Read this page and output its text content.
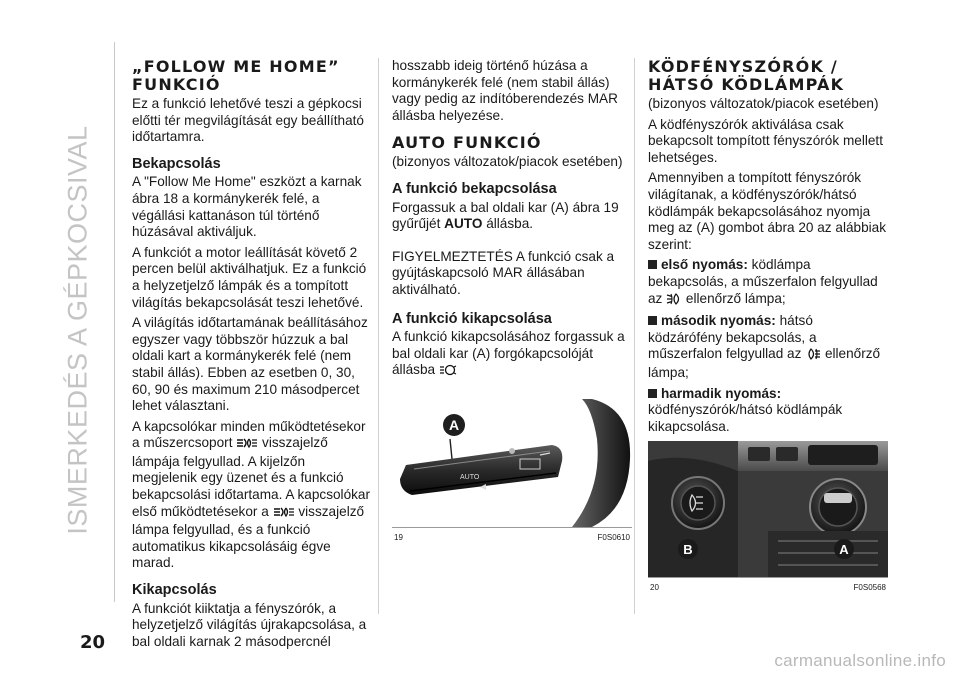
ISMERKEDÉS A GÉPKOCSIVAL
„FOLLOW ME HOME”
FUNKCIÓ

Ez a funkció lehetővé teszi a gépkocsi előtti tér megvilágítását egy beállítható időtartamra.

Bekapcsolás

A "Follow Me Home" eszközt a karnak ábra 18 a kormánykerék felé, a végállási kattanáson túl történő húzásával aktiváljuk.

A funkciót a motor leállítását követő 2 percen belül aktiválhatjuk. Ez a funkció a helyzetjelző lámpák és a tompított világítás bekapcsolását teszi lehetővé.

A világítás időtartamának beállításához egyszer vagy többször húzzuk a bal oldali kart a kormánykerék felé (nem stabil állás). Ebben az esetben 0, 30, 60, 90 és maximum 210 másodpercet lehet választani.

A kapcsolókar minden működtetésekor a műszercsoport visszajelző lámpája felgyullad. A kijelzőn megjelenik egy üzenet és a funkció bekapcsolási időtartama. A kapcsolókar első működtetésekor a visszajelző lámpa felgyullad, és a funkció automatikus kikapcsolásáig égve marad.

Kikapcsolás

A funkciót kiiktatja a fényszórók, a helyzetjelző világítás újrakapcsolása, a bal oldali karnak 2 másodpercnél

hosszabb ideig történő húzása a kormánykerék felé (nem stabil állás) vagy pedig az indítóberendezés MAR állásba helyezése.

AUTO FUNKCIÓ

(bizonyos változatok/piacok esetében)

A funkció bekapcsolása

Forgassuk a bal oldali kar (A) ábra 19 gyűrűjét AUTO állásba.

FIGYELMEZTETÉS A funkció csak a gyújtáskapcsoló MAR állásában aktiválható.

A funkció kikapcsolása

A funkció kikapcsolásához forgassuk a bal oldali kar (A) forgókapcsolóját állásba

AUTO
A
19	F0S0610
KÖDFÉNYSZÓRÓK /
HÁTSÓ KÖDLÁMPÁK

(bizonyos változatok/piacok esetében)

A ködfényszórók aktiválása csak bekapcsolt tompított fényszórók mellett lehetséges.

Amennyiben a tompított fényszórók világítanak, a ködfényszórók/hátsó ködlámpák bekapcsolásához nyomja meg az (A) gombot ábra 20 az alábbiak szerint:

első nyomás: ködlámpa bekapcsolás, a műszerfalon felgyullad az ellenőrző lámpa;

második nyomás: hátsó ködzárófény bekapcsolás, a műszerfalon felgyullad az ellenőrző lámpa;

harmadik nyomás:
ködfényszórók/hátsó ködlámpák kikapcsolása.

B	A
20	F0S0568
20
carmanualsonline.info
